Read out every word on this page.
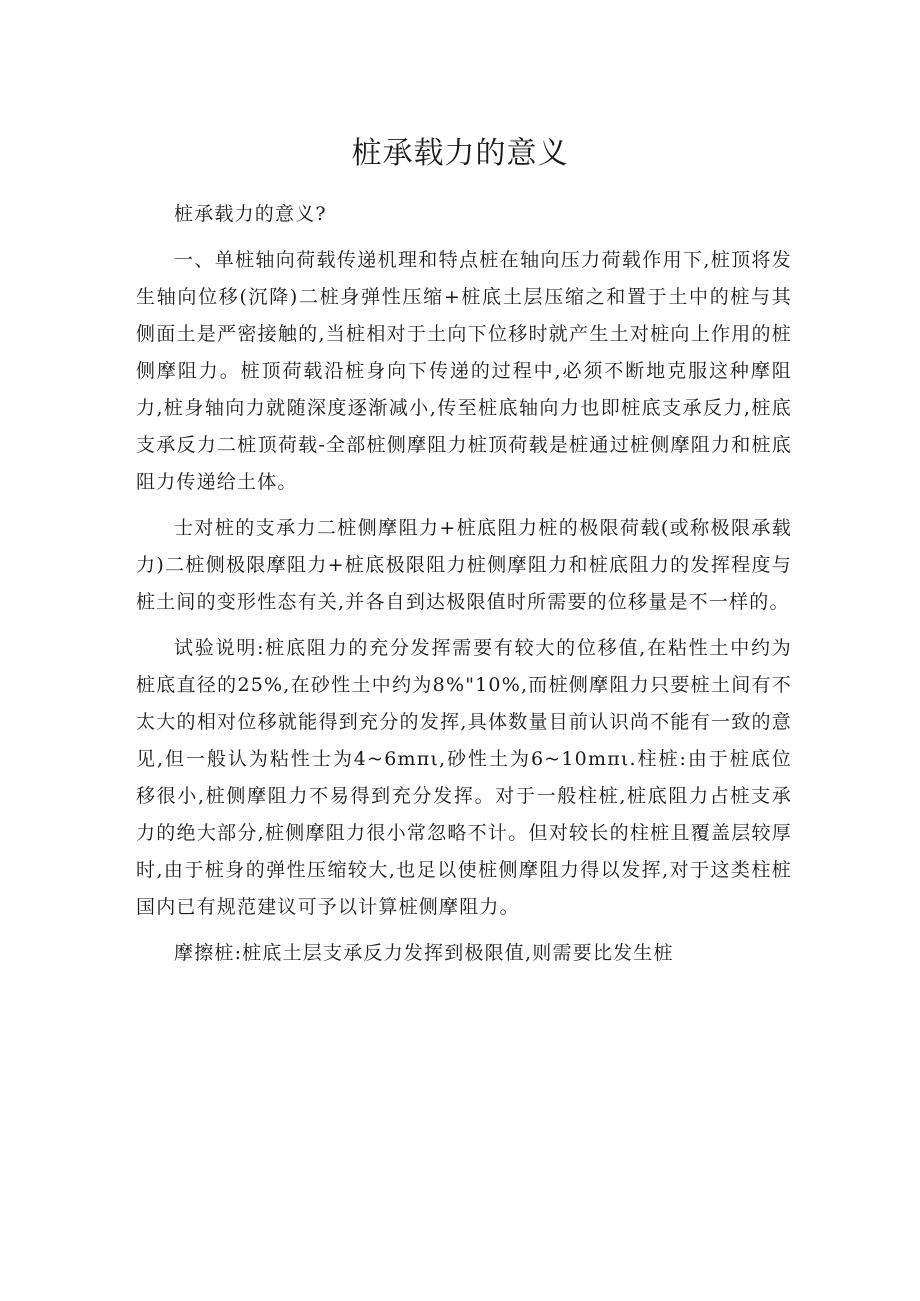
桩承载力的意义

桩承载力的意义?

一、单桩轴向荷载传递机理和特点桩在轴向压力荷载作用下,桩顶将发生轴向位移(沉降)二桩身弹性压缩+桩底土层压缩之和置于土中的桩与其侧面土是严密接触的,当桩相对于土向下位移时就产生土对桩向上作用的桩侧摩阻力。桩顶荷载沿桩身向下传递的过程中,必须不断地克服这种摩阻力,桩身轴向力就随深度逐渐减小,传至桩底轴向力也即桩底支承反力,桩底支承反力二桩顶荷载-全部桩侧摩阻力桩顶荷载是桩通过桩侧摩阻力和桩底阻力传递给土体。

士对桩的支承力二桩侧摩阻力+桩底阻力桩的极限荷载(或称极限承载力)二桩侧极限摩阻力+桩底极限阻力桩侧摩阻力和桩底阻力的发挥程度与桩土间的变形性态有关,并各自到达极限值时所需要的位移量是不一样的。

试验说明:桩底阻力的充分发挥需要有较大的位移值,在粘性土中约为桩底直径的25%,在砂性土中约为8%"10%,而桩侧摩阻力只要桩土间有不太大的相对位移就能得到充分的发挥,具体数量目前认识尚不能有一致的意见,但一般认为粘性士为4~6mπι,砂性土为6~10mπι.柱桩:由于桩底位移很小,桩侧摩阻力不易得到充分发挥。对于一般柱桩,桩底阻力占桩支承力的绝大部分,桩侧摩阻力很小常忽略不计。但对较长的柱桩且覆盖层较厚时,由于桩身的弹性压缩较大,也足以使桩侧摩阻力得以发挥,对于这类柱桩国内已有规范建议可予以计算桩侧摩阻力。

摩擦桩:桩底土层支承反力发挥到极限值,则需要比发生桩
